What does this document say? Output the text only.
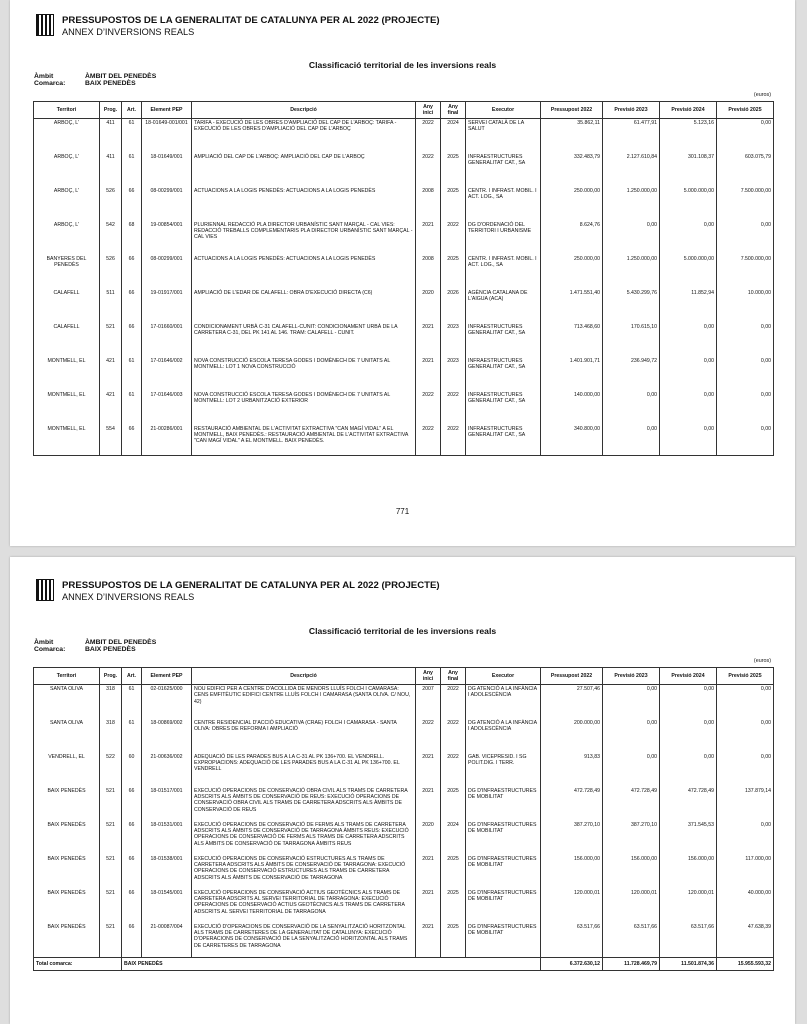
PRESSUPOSTOS DE LA GENERALITAT DE CATALUNYA PER AL 2022 (PROJECTE)
ANNEX D’INVERSIONS REALS
Classificació territorial de les inversions reals
Àmbit	ÀMBIT DEL PENEDÈS
Comarca:	BAIX PENEDÈS
(euros)
Territori	Prog.	Art.	Element PEP	Descripció	Any inici	Any final	Executor	Pressupost 2022	Previsió 2023	Previsió 2024	Previsió 2025
ARBOÇ, L'	411	61	18-01649-001/001	TARIFA - EXECUCIÓ DE LES OBRES D'AMPLIACIÓ DEL CAP DE L'ARBOÇ: TARIFA - EXECUCIÓ DE LES OBRES D'AMPLIACIÓ DEL CAP DE L'ARBOÇ	2022	2024	SERVEI CATALÀ DE LA SALUT	35.862,11	61.477,91	5.123,16	0,00
ARBOÇ, L'	411	61	18-01649/001	AMPLIACIÓ DEL CAP DE L'ARBOÇ: AMPLIACIÓ DEL CAP DE L'ARBOÇ	2022	2025	INFRAESTRUCTURES GENERALITAT CAT., SA	332.483,79	2.127.610,84	301.108,37	603.075,79
ARBOÇ, L'	526	66	08-00299/001	ACTUACIONS A LA LOGIS PENEDÈS: ACTUACIONS A LA LOGIS PENEDÈS	2008	2025	CENTR. I INFRAST. MOBIL. I ACT. LOG., SA	250.000,00	1.250.000,00	5.000.000,00	7.500.000,00
ARBOÇ, L'	542	68	19-00854/001	PLURIENNAL REDACCIÓ PLA DIRECTOR URBANÍSTIC SANT MARÇAL - CAL VIES: REDACCIÓ TREBALLS COMPLEMENTARIS PLA DIRECTOR URBANÍSTIC SANT MARÇAL - CAL VIES	2021	2022	DG D'ORDENACIÓ DEL TERRITORI I URBANISME	8.624,76	0,00	0,00	0,00
BANYERES DEL PENEDÈS	526	66	08-00299/001	ACTUACIONS A LA LOGIS PENEDÈS: ACTUACIONS A LA LOGIS PENEDÈS	2008	2025	CENTR. I INFRAST. MOBIL. I ACT. LOG., SA	250.000,00	1.250.000,00	5.000.000,00	7.500.000,00
CALAFELL	511	66	19-01917/001	AMPLIACIÓ DE L'EDAR DE CALAFELL: OBRA D'EXECUCIÓ DIRECTA (C6)	2020	2026	AGÈNCIA CATALANA DE L'AIGUA (ACA)	1.471.551,40	5.430.299,76	11.852,94	10.000,00
CALAFELL	521	66	17-01660/001	CONDICIONAMENT URBÀ C-31 CALAFELL-CUNIT: CONDICIONAMENT URBÀ DE LA CARRETERA C-31, DEL PK 141 AL 146. TRAM: CALAFELL - CUNIT.	2021	2023	INFRAESTRUCTURES GENERALITAT CAT., SA	713.468,60	170.615,10	0,00	0,00
MONTMELL, EL	421	61	17-01646/002	NOVA CONSTRUCCIÓ ESCOLA TERESA GODES I DOMÈNECH DE 7 UNITATS AL MONTMELL: LOT 1 NOVA CONSTRUCCIÓ	2021	2023	INFRAESTRUCTURES GENERALITAT CAT., SA	1.401.901,71	236.949,72	0,00	0,00
MONTMELL, EL	421	61	17-01646/003	NOVA CONSTRUCCIÓ ESCOLA TERESA GODES I DOMÈNECH DE 7 UNITATS AL MONTMELL: LOT 2 URBANITZACIÓ EXTERIOR	2022	2022	INFRAESTRUCTURES GENERALITAT CAT., SA	140.000,00	0,00	0,00	0,00
MONTMELL, EL	554	66	21-00286/001	RESTAURACIÓ AMBIENTAL DE L'ACTIVITAT EXTRACTIVA "CAN MAGÍ VIDAL" A EL MONTMELL, BAIX PENEDÈS.: RESTAURACIÓ AMBIENTAL DE L'ACTIVITAT EXTRACTIVA "CAN MAGÍ VIDAL" A EL MONTMELL. BAIX PENEDÈS.	2022	2022	INFRAESTRUCTURES GENERALITAT CAT., SA	340.800,00	0,00	0,00	0,00
771
PRESSUPOSTOS DE LA GENERALITAT DE CATALUNYA PER AL 2022 (PROJECTE)
ANNEX D’INVERSIONS REALS
Classificació territorial de les inversions reals
Àmbit	ÀMBIT DEL PENEDÈS
Comarca:	BAIX PENEDÈS
(euros)
Territori	Prog.	Art.	Element PEP	Descripció	Any inici	Any final	Executor	Pressupost 2022	Previsió 2023	Previsió 2024	Previsió 2025
SANTA OLIVA	318	61	02-01625/000	NOU EDIFICI PER A CENTRE D'ACOLLIDA DE MENORS LLUÍS FOLCH I CAMARASA: CENS EMFITÈUTIC EDIFICI CENTRE LLUÍS FOLCH I CAMARASA (SANTA OLIVA. C/ NOU, 42)	2007	2022	DG ATENCIÓ A LA INFÀNCIA I ADOLESCÈNCIA	27.507,46	0,00	0,00	0,00
SANTA OLIVA	318	61	18-00869/002	CENTRE RESIDENCIAL D'ACCIÓ EDUCATIVA (CRAE) FOLCH I CAMARASA - SANTA OLIVA: OBRES DE REFORMA I AMPLIACIÓ	2022	2022	DG ATENCIÓ A LA INFÀNCIA I ADOLESCÈNCIA	200.000,00	0,00	0,00	0,00
VENDRELL, EL	522	60	21-00636/002	ADEQUACIÓ DE LES PARADES BUS A LA C-31 AL PK 136+700. EL VENDRELL. EXPROPIACIONS: ADEQUACIÓ DE LES PARADES BUS A LA C-31 AL PK 136+700. EL VENDRELL	2021	2022	GAB. VICEPRESID. I SG POLIT.DIG. I TERR.	913,83	0,00	0,00	0,00
BAIX PENEDÈS	521	66	18-01517/001	EXECUCIÓ OPERACIONS DE CONSERVACIÓ OBRA CIVIL ALS TRAMS DE CARRETERA ADSCRITS ALS ÀMBITS DE CONSERVACIÓ DE REUS: EXECUCIÓ OPERACIONS DE CONSERVACIÓ OBRA CIVIL ALS TRAMS DE CARRETERA ADSCRITS ALS ÀMBITS DE CONSERVACIÓ DE REUS	2021	2025	DG D'INFRAESTRUCTURES DE MOBILITAT	472.728,49	472.728,49	472.728,49	137.879,14
BAIX PENEDÈS	521	66	18-01531/001	EXECUCIÓ OPERACIONS DE CONSERVACIÓ DE FERMS ALS TRAMS DE CARRETERA ADSCRITS ALS ÀMBITS DE CONSERVACIÓ DE TARRAGONA ÀMBITS REUS: EXECUCIÓ OPERACIONS DE CONSERVACIÓ DE FERMS ALS TRAMS DE CARRETERA ADSCRITS ALS ÀMBITS DE CONSERVACIÓ DE TARRAGONA ÀMBITS REUS	2020	2024	DG D'INFRAESTRUCTURES DE MOBILITAT	387.270,10	387.270,10	371.545,53	0,00
BAIX PENEDÈS	521	66	18-01538/001	EXECUCIÓ OPERACIONS DE CONSERVACIÓ ESTRUCTURES ALS TRAMS DE CARRETERA ADSCRITS ALS ÀMBITS DE CONSERVACIÓ DE TARRAGONA: EXECUCIÓ OPERACIONS DE CONSERVACIÓ ESTRUCTURES ALS TRAMS DE CARRETERA ADSCRITS ALS ÀMBITS DE CONSERVACIÓ DE TARRAGONA	2021	2025	DG D'INFRAESTRUCTURES DE MOBILITAT	156.000,00	156.000,00	156.000,00	117.000,00
BAIX PENEDÈS	521	66	18-01545/001	EXECUCIÓ OPERACIONS DE CONSERVACIÓ ACTIUS GEOTÈCNICS ALS TRAMS DE CARRETERA ADSCRITS AL SERVEI TERRITORIAL DE TARRAGONA: EXECUCIÓ OPERACIONS DE CONSERVACIÓ ACTIUS GEOTÈCNICS ALS TRAMS DE CARRETERA ADSCRITS AL SERVEI TERRITORIAL DE TARRAGONA	2021	2025	DG D'INFRAESTRUCTURES DE MOBILITAT	120.000,01	120.000,01	120.000,01	40.000,00
BAIX PENEDÈS	521	66	21-00087/004	EXECUCIÓ D'OPERACIONS DE CONSERVACIÓ DE LA SENYALITZACIÓ HORITZONTAL ALS TRAMS DE CARRETERES DE LA GENERALITAT DE CATALUNYA: EXECUCIÓ D'OPERACIONS DE CONSERVACIÓ DE LA SENYALITZACIÓ HORITZONTAL ALS TRAMS DE CARRETERES DE TARRAGONA	2021	2025	DG D'INFRAESTRUCTURES DE MOBILITAT	63.517,66	63.517,66	63.517,66	47.638,39
Total comarca:		BAIX PENEDÈS						6.372.630,12	11.728.469,79	11.501.874,36	15.955.593,32
